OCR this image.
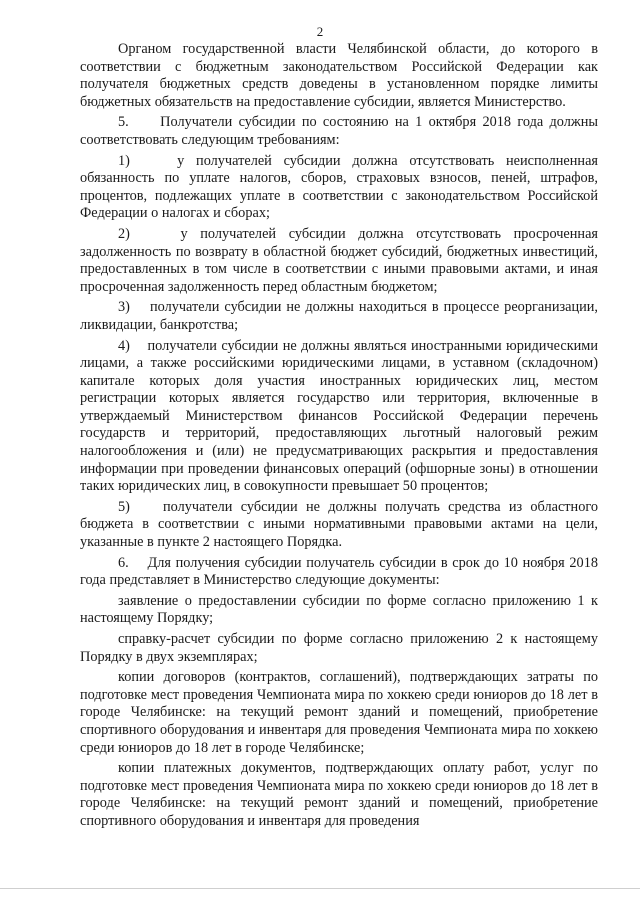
2

Органом государственной власти Челябинской области, до которого в соответствии с бюджетным законодательством Российской Федерации как получателя бюджетных средств доведены в установленном порядке лимиты бюджетных обязательств на предоставление субсидии, является Министерство.

5.     Получатели субсидии по состоянию на 1 октября 2018 года должны соответствовать следующим требованиям:

1)    у получателей субсидии должна отсутствовать неисполненная обязанность по уплате налогов, сборов, страховых взносов, пеней, штрафов, процентов, подлежащих уплате в соответствии с законодательством Российской Федерации о налогах и сборах;

2)    у получателей субсидии должна отсутствовать просроченная задолженность по возврату в областной бюджет субсидий, бюджетных инвестиций, предоставленных в том числе в соответствии с иными правовыми актами, и иная просроченная задолженность перед областным бюджетом;

3)    получатели субсидии не должны находиться в процессе реорганизации, ликвидации, банкротства;

4)    получатели субсидии не должны являться иностранными юридическими лицами, а также российскими юридическими лицами, в уставном (складочном) капитале которых доля участия иностранных юридических лиц, местом регистрации которых является государство или территория, включенные в утверждаемый Министерством финансов Российской Федерации перечень государств и территорий, предоставляющих льготный налоговый режим налогообложения и (или) не предусматривающих раскрытия и предоставления информации при проведении финансовых операций (офшорные зоны) в отношении таких юридических лиц, в совокупности превышает 50 процентов;

5)    получатели субсидии не должны получать средства из областного бюджета в соответствии с иными нормативными правовыми актами на цели, указанные в пункте 2 настоящего Порядка.

6.    Для получения субсидии получатель субсидии в срок до 10 ноября 2018 года представляет в Министерство следующие документы:

заявление о предоставлении субсидии по форме согласно приложению 1 к настоящему Порядку;

справку-расчет субсидии по форме согласно приложению 2 к настоящему Порядку в двух экземплярах;

копии договоров (контрактов, соглашений), подтверждающих затраты по подготовке мест проведения Чемпионата мира по хоккею среди юниоров до 18 лет в городе Челябинске: на текущий ремонт зданий и помещений, приобретение спортивного оборудования и инвентаря для проведения Чемпионата мира по хоккею среди юниоров до 18 лет в городе Челябинске;

копии платежных документов, подтверждающих оплату работ, услуг по подготовке мест проведения Чемпионата мира по хоккею среди юниоров до 18 лет в городе Челябинске: на текущий ремонт зданий и помещений, приобретение спортивного оборудования и инвентаря для проведения
